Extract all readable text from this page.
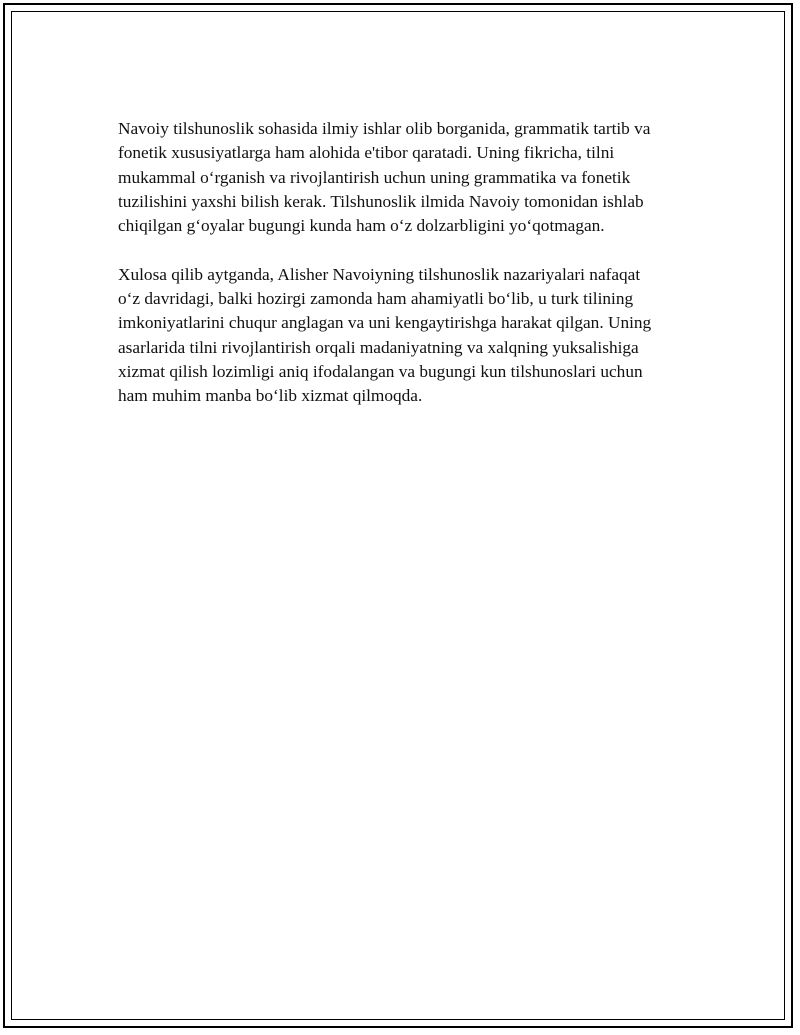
Navoiy tilshunoslik sohasida ilmiy ishlar olib borganida, grammatik tartib va
fonetik xususiyatlarga ham alohida e'tibor qaratadi. Uning fikricha, tilni
mukammal o‘rganish va rivojlantirish uchun uning grammatika va fonetik
tuzilishini yaxshi bilish kerak. Tilshunoslik ilmida Navoiy tomonidan ishlab
chiqilgan g‘oyalar bugungi kunda ham o‘z dolzarbligini yo‘qotmagan.

Xulosa qilib aytganda, Alisher Navoiyning tilshunoslik nazariyalari nafaqat
o‘z davridagi, balki hozirgi zamonda ham ahamiyatli bo‘lib, u turk tilining
imkoniyatlarini chuqur anglagan va uni kengaytirishga harakat qilgan. Uning
asarlarida tilni rivojlantirish orqali madaniyatning va xalqning yuksalishiga
xizmat qilish lozimligi aniq ifodalangan va bugungi kun tilshunoslari uchun
ham muhim manba bo‘lib xizmat qilmoqda.
